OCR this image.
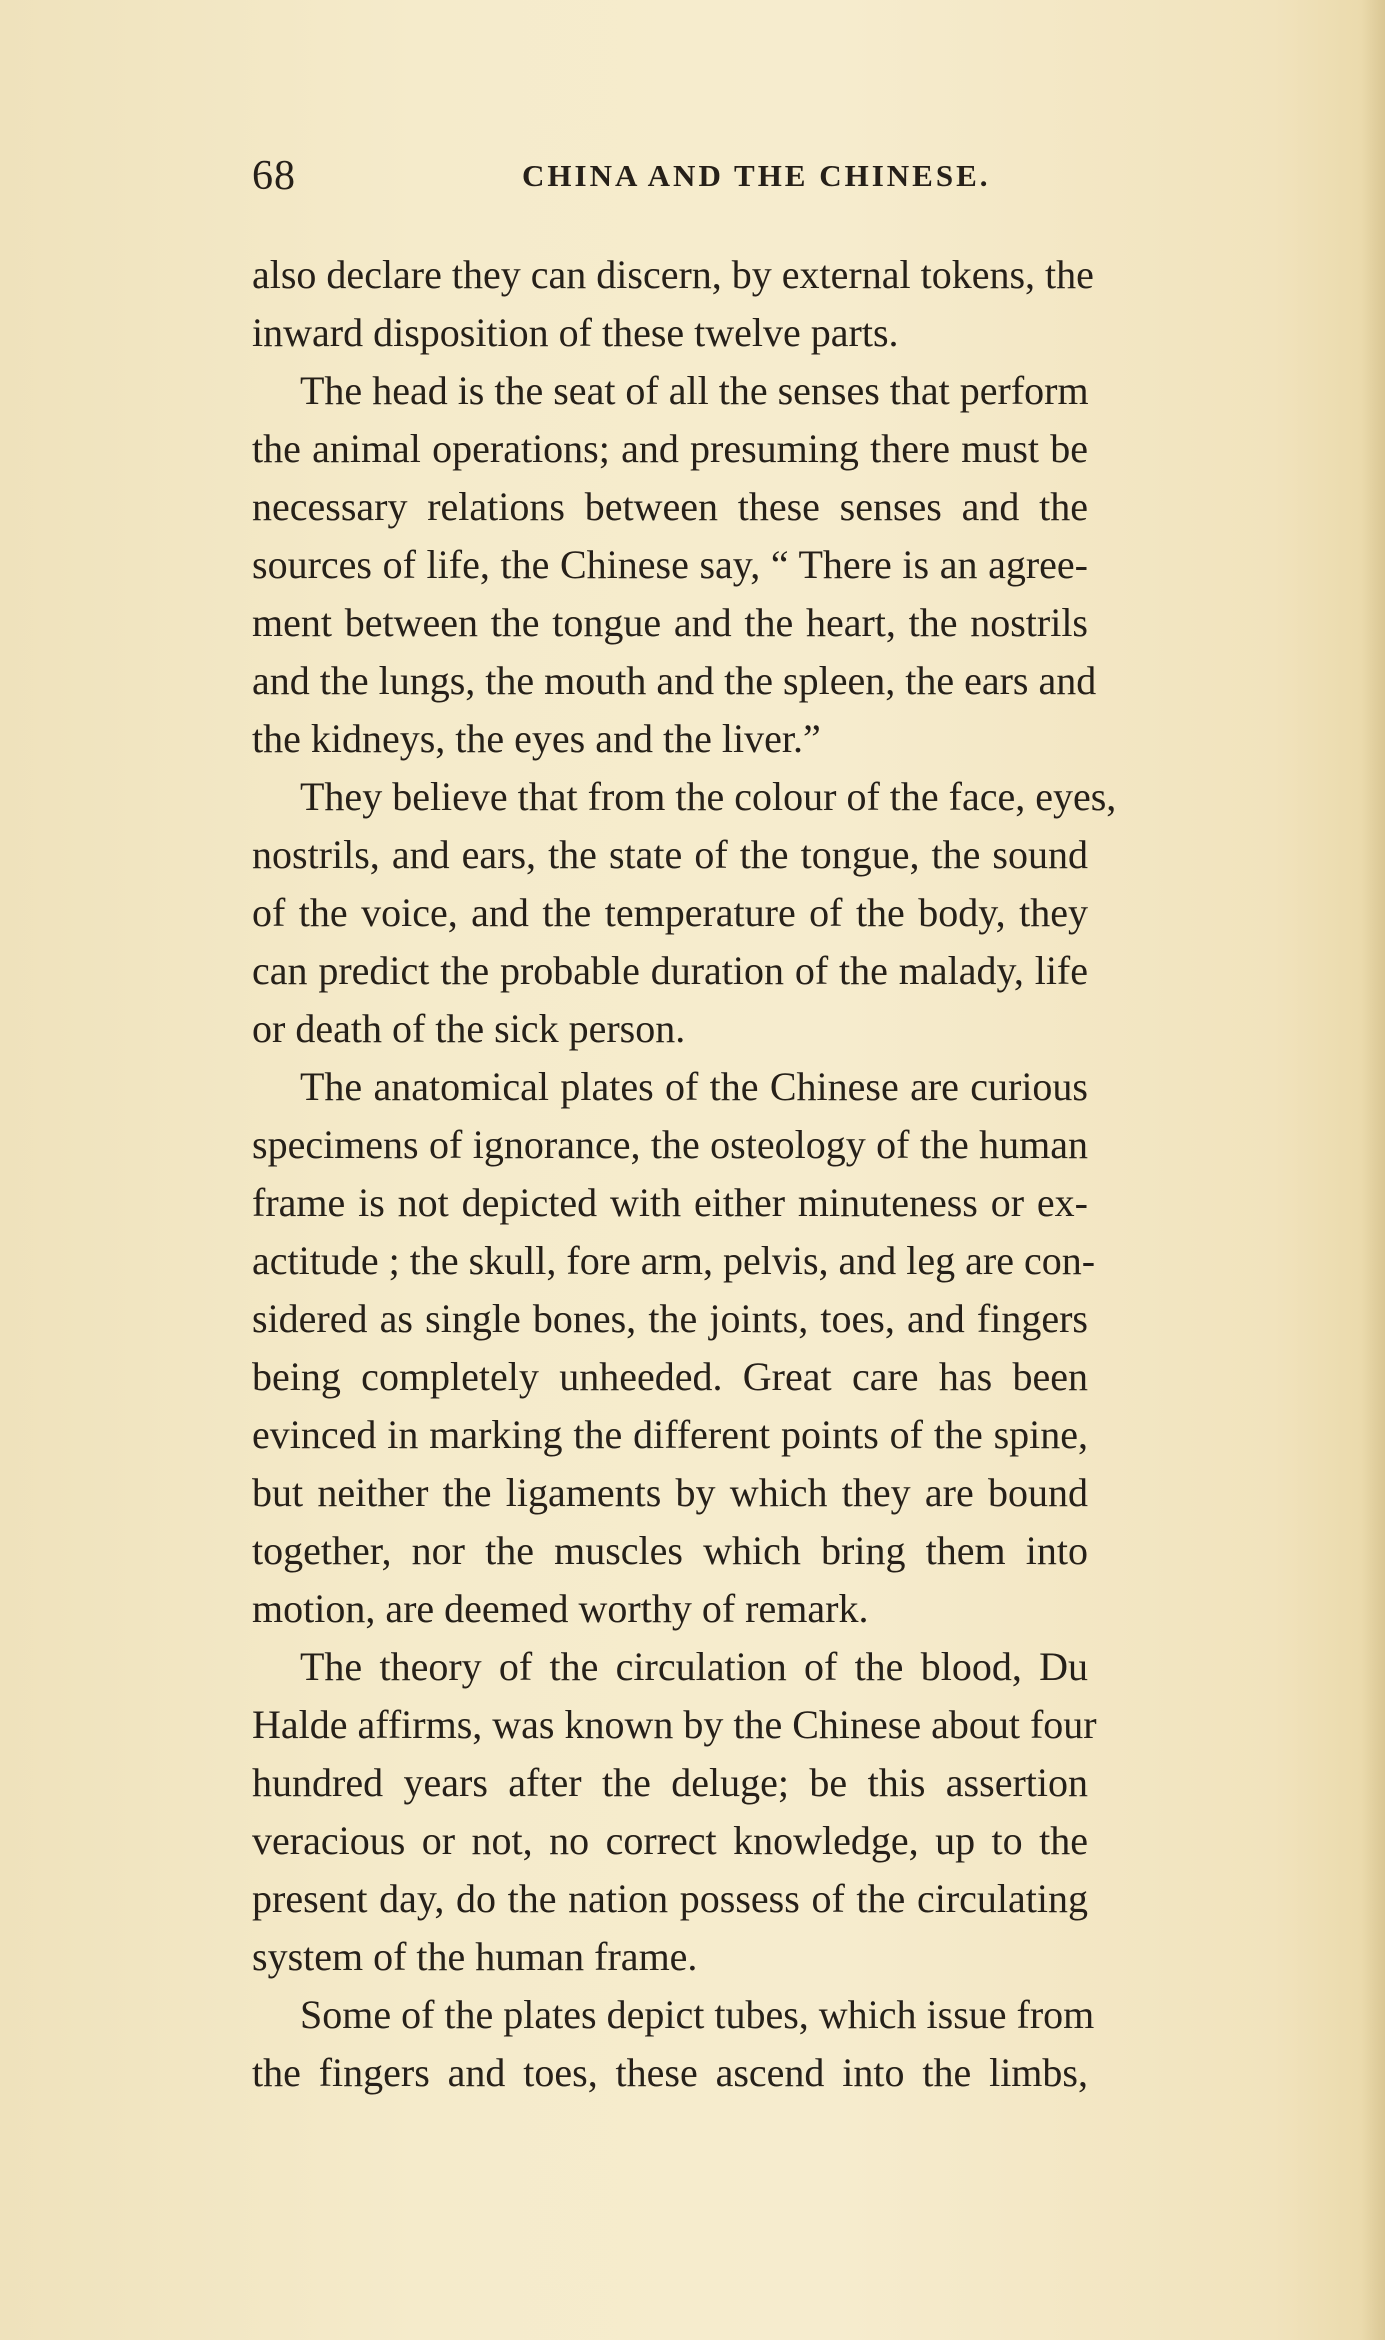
68	CHINA AND THE CHINESE.
also declare they can discern, by external tokens, the
inward disposition of these twelve parts.
The head is the seat of all the senses that perform
the animal operations; and presuming there must be
necessary relations between these senses and the
sources of life, the Chinese say, “ There is an agree-
ment between the tongue and the heart, the nostrils
and the lungs, the mouth and the spleen, the ears and
the kidneys, the eyes and the liver.”
They believe that from the colour of the face, eyes,
nostrils, and ears, the state of the tongue, the sound
of the voice, and the temperature of the body, they
can predict the probable duration of the malady, life
or death of the sick person.
The anatomical plates of the Chinese are curious
specimens of ignorance, the osteology of the human
frame is not depicted with either minuteness or ex-
actitude ; the skull, fore arm, pelvis, and leg are con-
sidered as single bones, the joints, toes, and fingers
being completely unheeded. Great care has been
evinced in marking the different points of the spine,
but neither the ligaments by which they are bound
together, nor the muscles which bring them into
motion, are deemed worthy of remark.
The theory of the circulation of the blood, Du
Halde affirms, was known by the Chinese about four
hundred years after the deluge; be this assertion
veracious or not, no correct knowledge, up to the
present day, do the nation possess of the circulating
system of the human frame.
Some of the plates depict tubes, which issue from
the fingers and toes, these ascend into the limbs,
